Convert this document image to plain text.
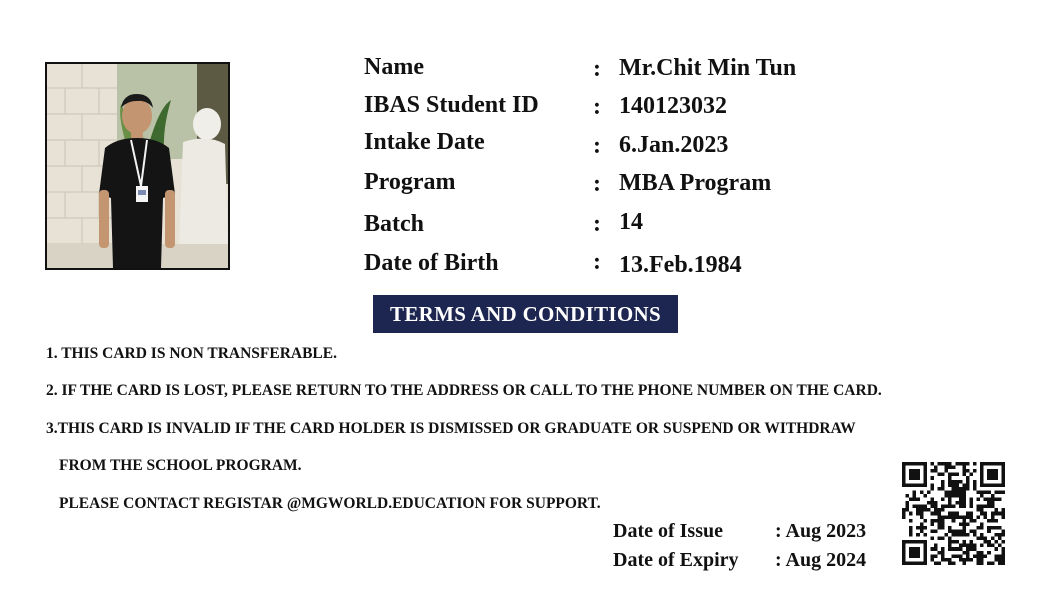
Name	: Mr.Chit Min Tun
IBAS Student ID : 140123032
Intake Date	: 6.Jan.2023
Program	: MBA Program
Batch	: 14
Date of Birth	: 13.Feb.1984
TERMS AND CONDITIONS
1. THIS CARD IS NON TRANSFERABLE.
2. IF THE CARD IS LOST, PLEASE RETURN TO THE ADDRESS OR CALL TO THE PHONE NUMBER ON THE CARD.
3.THIS CARD IS INVALID IF THE CARD HOLDER IS DISMISSED OR GRADUATE OR SUSPEND OR WITHDRAW
FROM THE SCHOOL PROGRAM.
PLEASE CONTACT REGISTAR @MGWORLD.EDUCATION FOR SUPPORT.
Date of Issue	: Aug 2023
Date of Expiry : Aug 2024
